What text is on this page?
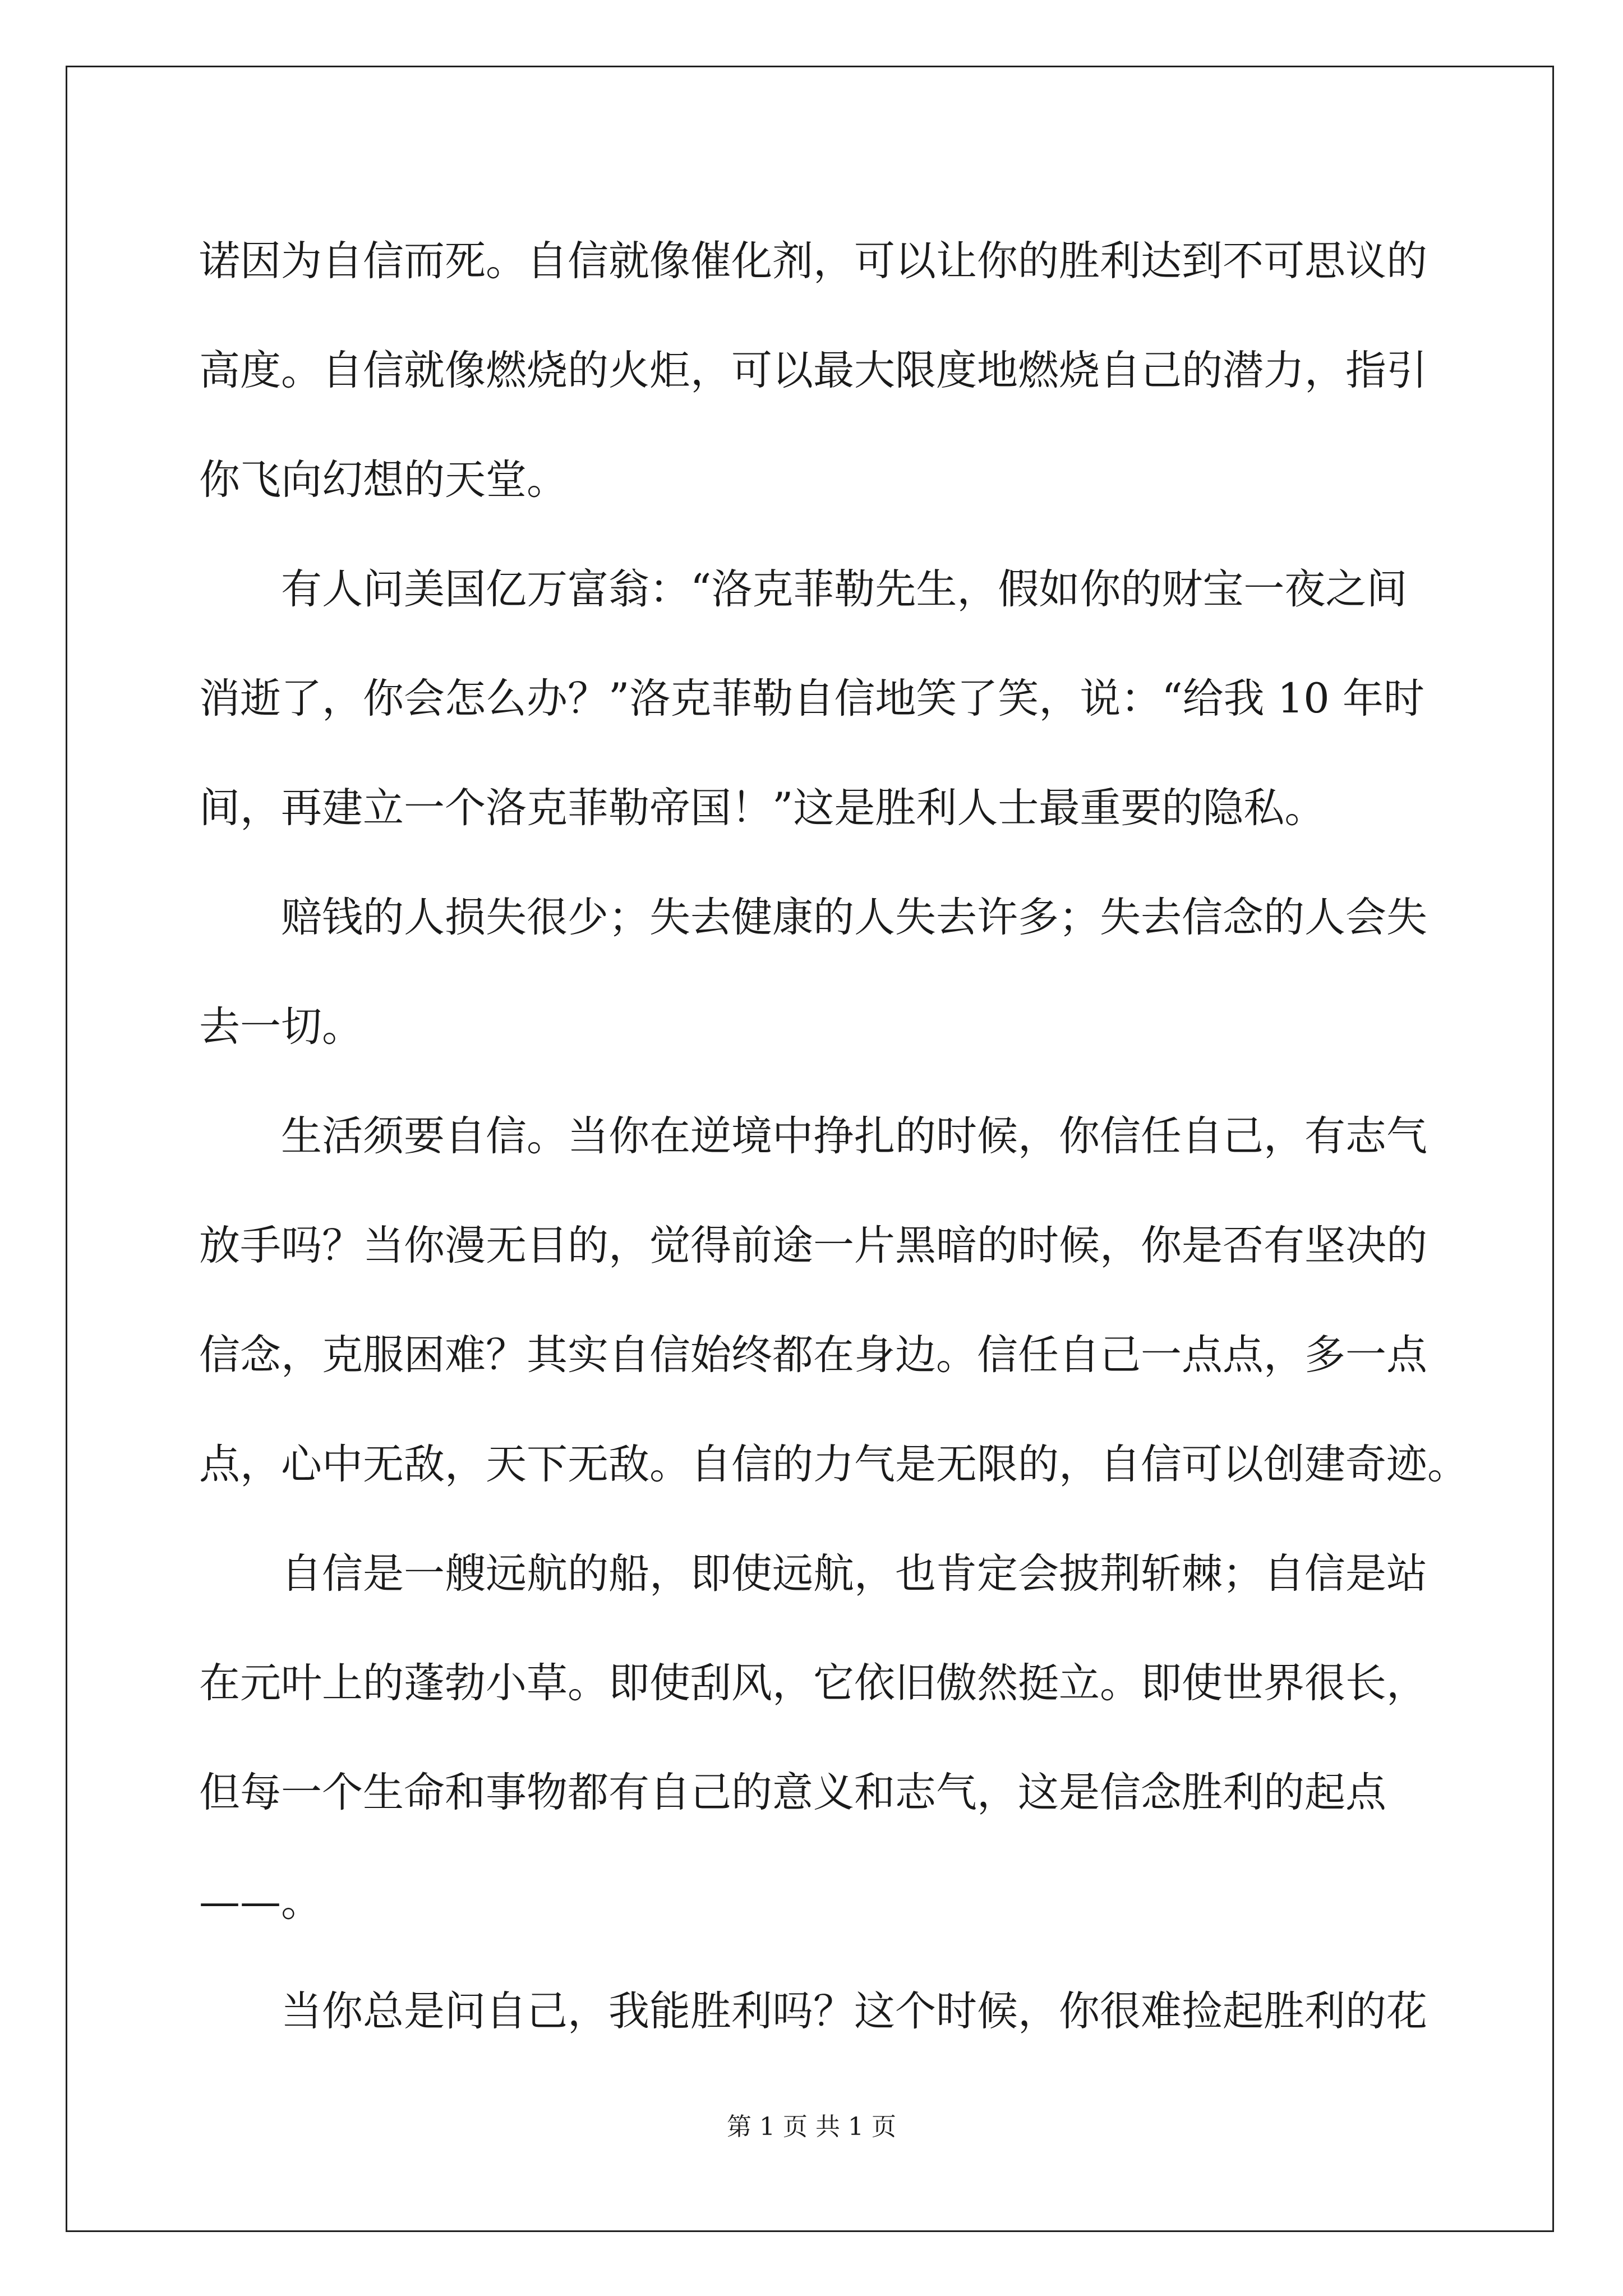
诺因为自信而死。自信就像催化剂，可以让你的胜利达到不可思议的
高度。自信就像燃烧的火炬，可以最大限度地燃烧自己的潜力，指引
你飞向幻想的天堂。
有人问美国亿万富翁：“洛克菲勒先生，假如你的财宝一夜之间
消逝了，你会怎么办？”洛克菲勒自信地笑了笑，说：“给我 10 年时
间，再建立一个洛克菲勒帝国！”这是胜利人士最重要的隐私。
赔钱的人损失很少；失去健康的人失去许多；失去信念的人会失
去一切。
生活须要自信。当你在逆境中挣扎的时候，你信任自己，有志气
放手吗？当你漫无目的，觉得前途一片黑暗的时候，你是否有坚决的
信念，克服困难？其实自信始终都在身边。信任自己一点点，多一点
点，心中无敌，天下无敌。自信的力气是无限的，自信可以创建奇迹。
自信是一艘远航的船，即使远航，也肯定会披荆斩棘；自信是站
在元叶上的蓬勃小草。即使刮风，它依旧傲然挺立。即使世界很长，
但每一个生命和事物都有自己的意义和志气，这是信念胜利的起点
——。
当你总是问自己，我能胜利吗？这个时候，你很难捡起胜利的花
第 1 页 共 1 页
